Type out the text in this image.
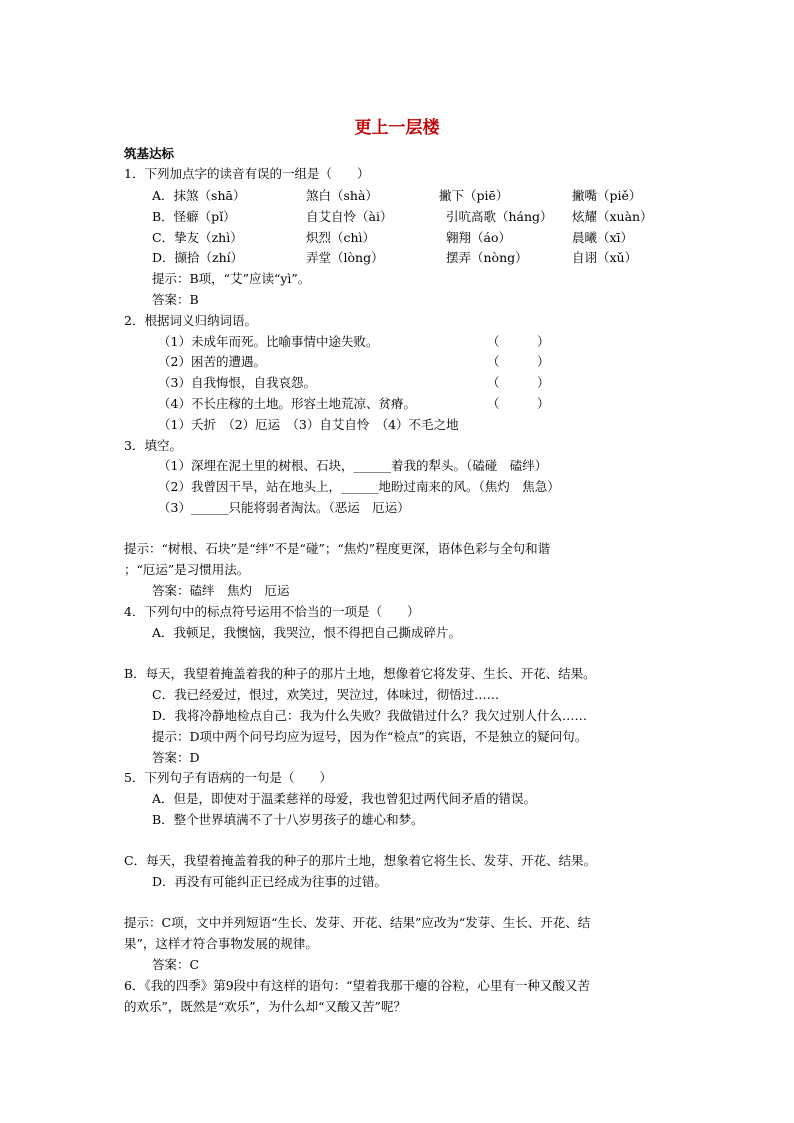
更上一层楼
筑基达标
1．下列加点字的读音有误的一组是（　　）
A．抹煞（shā）	煞白（shà）	撇下（piē）	撇嘴（piě）
B．怪癖（pǐ）	自艾自怜（ài）	引吭高歌（háng） 炫耀（xuàn）
C．挚友（zhì）	炽烈（chì）	翱翔（áo）	晨曦（xī）
D．撷拾（zhí）	弄堂（lòng）	摆弄（nòng）	自诩（xǔ）
提示：B项，“艾”应读“yì”。
答案：B
2．根据词义归纳词语。
（1）未成年而死。比喻事情中途失败。	（　　　）
（2）困苦的遭遇。	（　　　）
（3）自我悔恨，自我哀怨。	（　　　）
（4）不长庄稼的土地。形容土地荒凉、贫瘠。	（　　　）
（1）夭折　（2）厄运　（3）自艾自怜　（4）不毛之地
3．填空。
（1）深埋在泥土里的树根、石块，______着我的犁头。（磕碰　磕绊）
（2）我曾因干旱，站在地头上，______地盼过南来的风。（焦灼　焦急）
（3）______只能将弱者淘汰。（恶运　厄运）
提示：“树根、石块”是“绊”不是“碰”；“焦灼”程度更深，语体色彩与全句和谐
；“厄运”是习惯用法。
答案：磕绊　焦灼　厄运
4．下列句中的标点符号运用不恰当的一项是（　　）
A．我顿足，我懊恼，我哭泣，恨不得把自己撕成碎片。
B．每天，我望着掩盖着我的种子的那片土地，想像着它将发芽、生长、开花、结果。
C．我已经爱过，恨过，欢笑过，哭泣过，体味过，彻悟过……
D．我将冷静地检点自己：我为什么失败？我做错过什么？我欠过别人什么……
提示：D项中两个问号均应为逗号，因为作“检点”的宾语，不是独立的疑问句。
答案：D
5．下列句子有语病的一句是（　　）
A．但是，即使对于温柔慈祥的母爱，我也曾犯过两代间矛盾的错误。
B．整个世界填满不了十八岁男孩子的雄心和梦。
C．每天，我望着掩盖着我的种子的那片土地，想象着它将生长、发芽、开花、结果。
D．再没有可能纠正已经成为往事的过错。
提示：C项，文中并列短语“生长、发芽、开花、结果”应改为“发芽、生长、开花、结
果”，这样才符合事物发展的规律。
答案：C
6．《我的四季》第9段中有这样的语句：“望着我那干瘪的谷粒，心里有一种又酸又苦
的欢乐”，既然是“欢乐”，为什么却“又酸又苦”呢？
